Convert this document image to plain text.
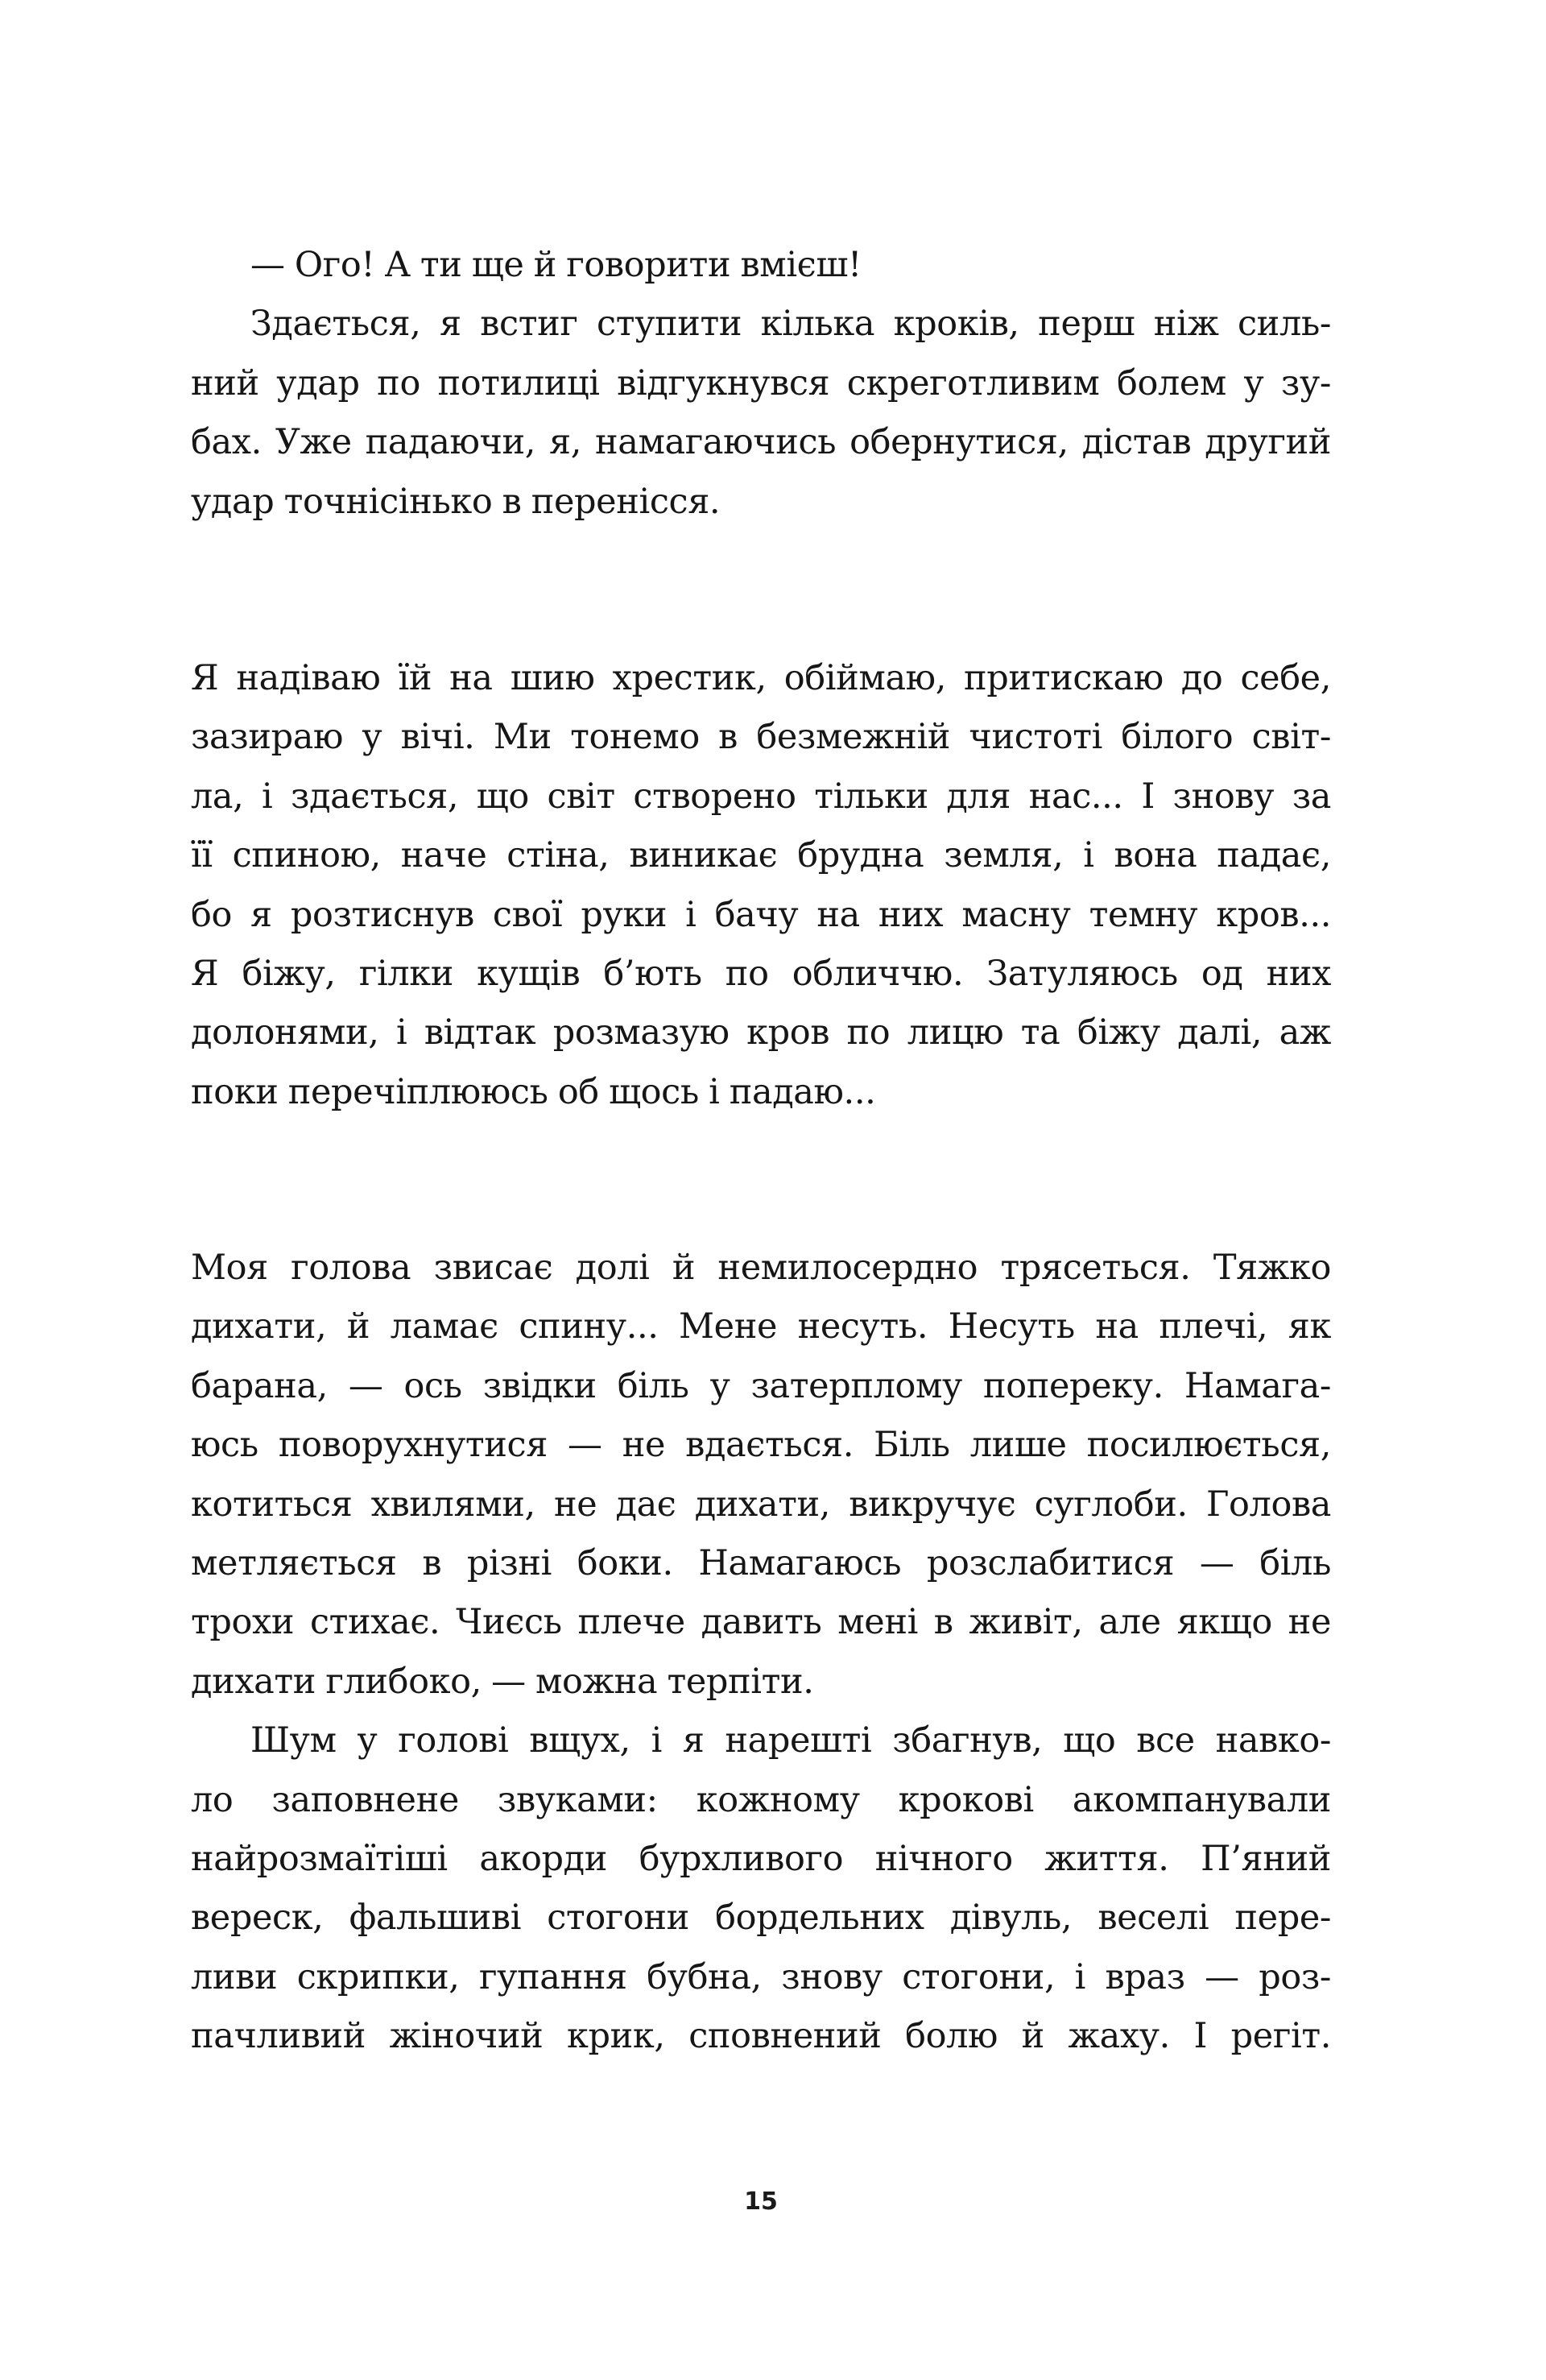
— Ого! А ти ще й говорити вмієш!
Здається, я встиг ступити кілька кроків, перш ніж силь-
ний удар по потилиці відгукнувся скреготливим болем у зу-
бах. Уже падаючи, я, намагаючись обернутися, дістав другий
удар точнісінько в перенісся.
Я надіваю їй на шию хрестик, обіймаю, притискаю до себе,
зазираю у вічі. Ми тонемо в безмежній чистоті білого світ-
ла, і здається, що світ створено тільки для нас... І знову за
її спиною, наче стіна, виникає брудна земля, і вона падає,
бо я розтиснув свої руки і бачу на них масну темну кров...
Я біжу, гілки кущів б’ють по обличчю. Затуляюсь од них
долонями, і відтак розмазую кров по лицю та біжу далі, аж
поки перечіплююсь об щось і падаю...
Моя голова звисає долі й немилосердно трясеться. Тяжко
дихати, й ламає спину... Мене несуть. Несуть на плечі, як
барана, — ось звідки біль у затерплому попереку. Намага-
юсь поворухнутися — не вдається. Біль лише посилюється,
котиться хвилями, не дає дихати, викручує суглоби. Голова
метляється в різні боки. Намагаюсь розслабитися — біль
трохи стихає. Чиєсь плече давить мені в живіт, але якщо не
дихати глибоко, — можна терпіти.
Шум у голові вщух, і я нарешті збагнув, що все навко-
ло заповнене звуками: кожному крокові акомпанували
найрозмаїтіші акорди бурхливого нічного життя. П’яний
вереск, фальшиві стогони бордельних дівуль, веселі пере-
ливи скрипки, гупання бубна, знову стогони, і враз — роз-
пачливий жіночий крик, сповнений болю й жаху. І регіт.
15
